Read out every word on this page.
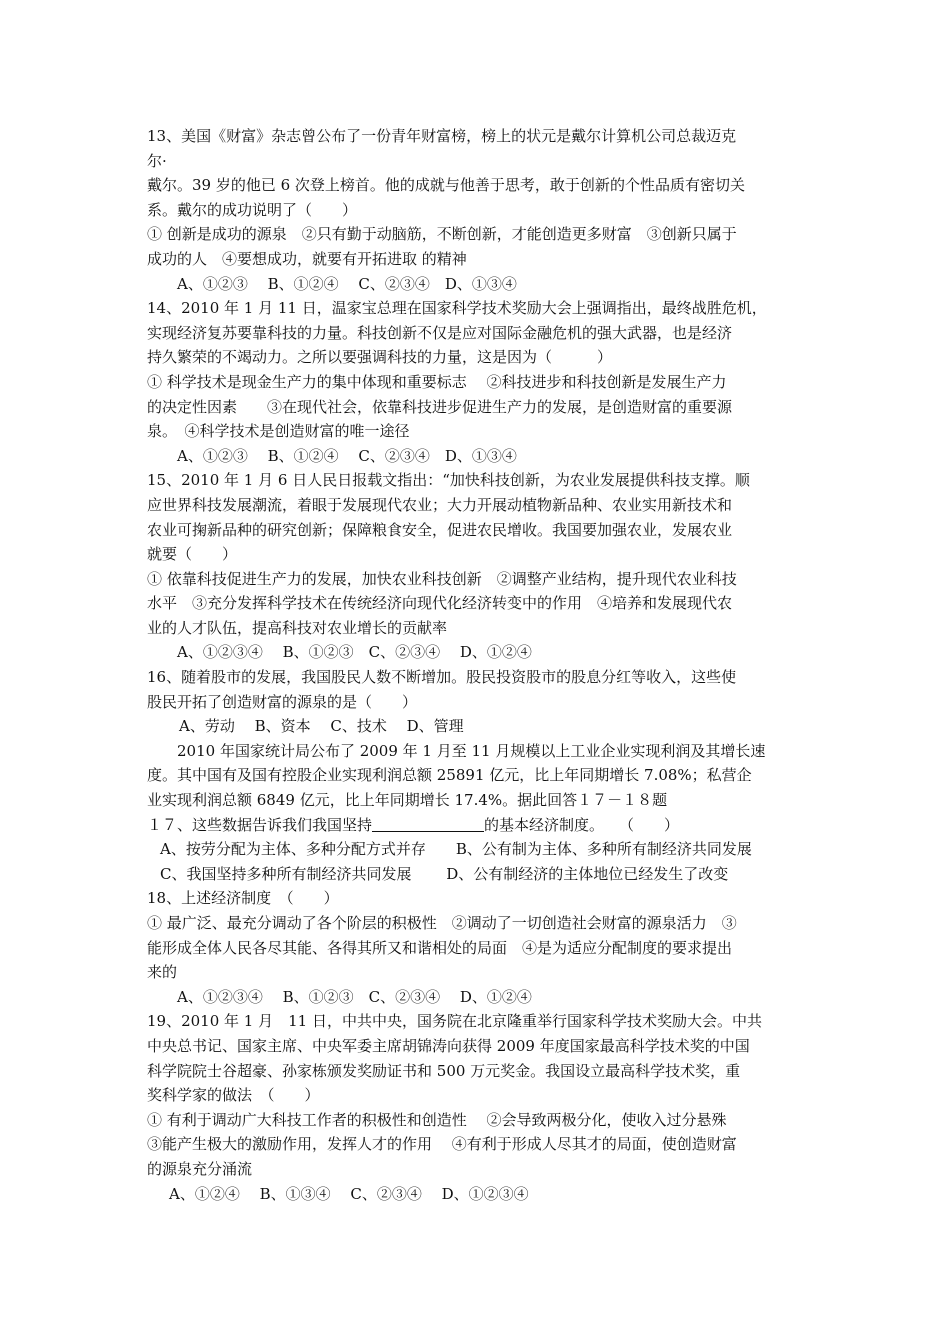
13、美国《财富》杂志曾公布了一份青年财富榜，榜上的状元是戴尔计算机公司总裁迈克
尔·
戴尔。39 岁的他已 6 次登上榜首。他的成就与他善于思考，敢于创新的个性品质有密切关
系。戴尔的成功说明了（　　）
① 创新是成功的源泉　②只有勤于动脑筋，不断创新，才能创造更多财富　③创新只属于
成功的人　④要想成功，就要有开拓进取 的精神
A、①②③　 B、①②④　 C、②③④　D、①③④
14、2010 年 1 月 11 日，温家宝总理在国家科学技术奖励大会上强调指出，最终战胜危机，
实现经济复苏要靠科技的力量。科技创新不仅是应对国际金融危机的强大武器，也是经济
持久繁荣的不竭动力。之所以要强调科技的力量，这是因为（　　　）
① 科学技术是现金生产力的集中体现和重要标志　 ②科技进步和科技创新是发展生产力
的决定性因素　　③在现代社会，依靠科技进步促进生产力的发展，是创造财富的重要源
泉。　④科学技术是创造财富的唯一途径
A、①②③　 B、①②④　 C、②③④　D、①③④
15、2010 年 1 月 6 日人民日报载文指出：“加快科技创新，为农业发展提供科技支撑。顺
应世界科技发展潮流，着眼于发展现代农业；大力开展动植物新品种、农业实用新技术和
农业可掬新品种的研究创新；保障粮食安全，促进农民增收。我国要加强农业，发展农业
就要（　　）
① 依靠科技促进生产力的发展，加快农业科技创新　②调整产业结构，提升现代农业科技
水平　③充分发挥科学技术在传统经济向现代化经济转变中的作用　④培养和发展现代农
业的人才队伍，提高科技对农业增长的贡献率
A、①②③④　 B、①②③　C、②③④　 D、①②④
16、随着股市的发展，我国股民人数不断增加。股民投资股市的股息分红等收入，这些使
股民开拓了创造财富的源泉的是（　　）
A、劳动　 B、资本　 C、技术　 D、管理
2010 年国家统计局公布了 2009 年 1 月至 11 月规模以上工业企业实现利润及其增长速
度。其中国有及国有控股企业实现利润总额 25891 亿元，比上年同期增长 7.08%；私营企
业实现利润总额 6849 亿元，比上年同期增长 17.4%。据此回答１７－１８题
１７、这些数据告诉我们我国坚持	的基本经济制度。　　（　　）
A、按劳分配为主体、多种分配方式并存　　B、公有制为主体、多种所有制经济共同发展
C、我国坚持多种所有制经济共同发展　　 D、公有制经济的主体地位已经发生了改变
18、上述经济制度　（　　）
① 最广泛、最充分调动了各个阶层的积极性　②调动了一切创造社会财富的源泉活力　③
能形成全体人民各尽其能、各得其所又和谐相处的局面　④是为适应分配制度的要求提出
来的
A、①②③④　 B、①②③　C、②③④　 D、①②④
19、2010 年 1 月　11 日，中共中央，国务院在北京隆重举行国家科学技术奖励大会。中共
中央总书记、国家主席、中央军委主席胡锦涛向获得 2009 年度国家最高科学技术奖的中国
科学院院士谷超豪、孙家栋颁发奖励证书和 500 万元奖金。我国设立最高科学技术奖，重
奖科学家的做法　（　　）
① 有利于调动广大科技工作者的积极性和创造性　 ②会导致两极分化，使收入过分悬殊
③能产生极大的激励作用，发挥人才的作用　 ④有利于形成人尽其才的局面，使创造财富
的源泉充分涌流
A、①②④　 B、①③④　 C、②③④　 D、①②③④
